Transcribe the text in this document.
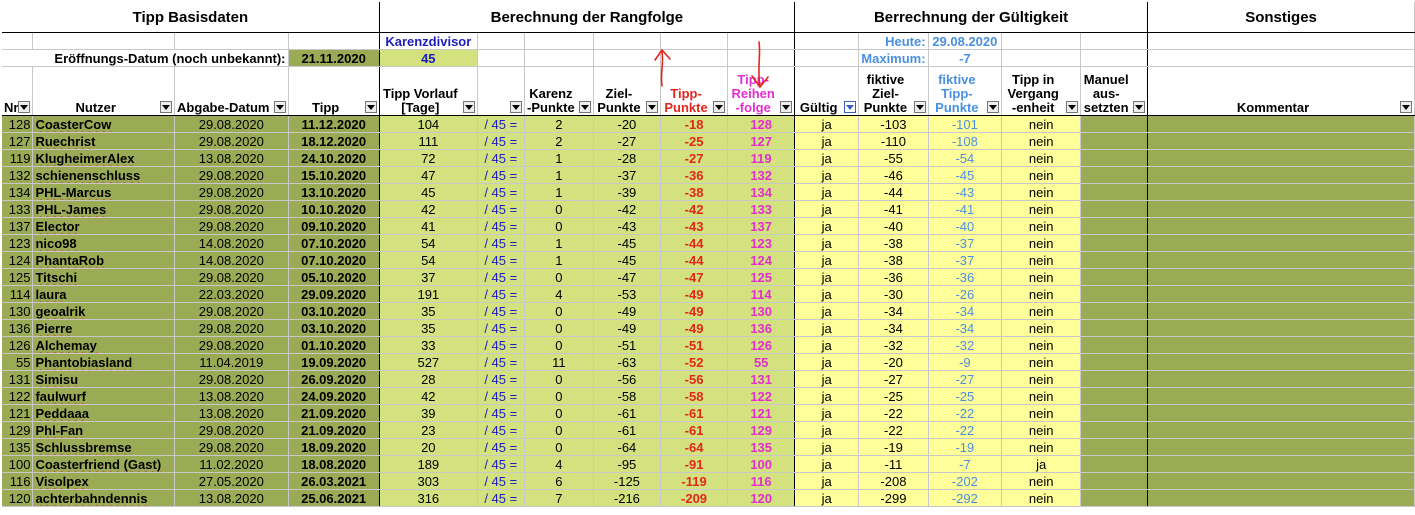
Tipp Basisdaten				Berechnung der Rangfolge						Berrechnung der Gültigkeit					Sonstiges
				Karenzdivisor							Heute:	29.08.2020			
Eröffnungs-Datum (noch unbekannt):			21.11.2020	45							Maximum:	-7			
Nr	Nutzer	Abgabe-Datum	Tipp	Tipp Vorlauf [Tage]		Karenz -Punkte	Ziel-Punkte	Tipp-Punkte	Tipp-Reihen -folge	Gültig	fiktive Ziel-Punkte	fiktive Tipp-Punkte	Tipp in Vergang -enheit	Manuel aus-setzten	Kommentar

128	CoasterCow	29.08.2020	11.12.2020	104	/ 45 =	2	-20	-18	128	ja	-103	-101	nein		
127	Ruechrist	29.08.2020	18.12.2020	111	/ 45 =	2	-27	-25	127	ja	-110	-108	nein		
119	KlugheimerAlex	13.08.2020	24.10.2020	72	/ 45 =	1	-28	-27	119	ja	-55	-54	nein		
132	schienenschluss	29.08.2020	15.10.2020	47	/ 45 =	1	-37	-36	132	ja	-46	-45	nein		
134	PHL-Marcus	29.08.2020	13.10.2020	45	/ 45 =	1	-39	-38	134	ja	-44	-43	nein		
133	PHL-James	29.08.2020	10.10.2020	42	/ 45 =	0	-42	-42	133	ja	-41	-41	nein		
137	Elector	29.08.2020	09.10.2020	41	/ 45 =	0	-43	-43	137	ja	-40	-40	nein		
123	nico98	14.08.2020	07.10.2020	54	/ 45 =	1	-45	-44	123	ja	-38	-37	nein		
124	PhantaRob	14.08.2020	07.10.2020	54	/ 45 =	1	-45	-44	124	ja	-38	-37	nein		
125	Titschi	29.08.2020	05.10.2020	37	/ 45 =	0	-47	-47	125	ja	-36	-36	nein		
114	laura	22.03.2020	29.09.2020	191	/ 45 =	4	-53	-49	114	ja	-30	-26	nein		
130	geoalrik	29.08.2020	03.10.2020	35	/ 45 =	0	-49	-49	130	ja	-34	-34	nein		
136	Pierre	29.08.2020	03.10.2020	35	/ 45 =	0	-49	-49	136	ja	-34	-34	nein		
126	Alchemay	29.08.2020	01.10.2020	33	/ 45 =	0	-51	-51	126	ja	-32	-32	nein		
55	Phantobiasland	11.04.2019	19.09.2020	527	/ 45 =	11	-63	-52	55	ja	-20	-9	nein		
131	Simisu	29.08.2020	26.09.2020	28	/ 45 =	0	-56	-56	131	ja	-27	-27	nein		
122	faulwurf	13.08.2020	24.09.2020	42	/ 45 =	0	-58	-58	122	ja	-25	-25	nein		
121	Peddaaa	13.08.2020	21.09.2020	39	/ 45 =	0	-61	-61	121	ja	-22	-22	nein		
129	Phl-Fan	29.08.2020	21.09.2020	23	/ 45 =	0	-61	-61	129	ja	-22	-22	nein		
135	Schlussbremse	29.08.2020	18.09.2020	20	/ 45 =	0	-64	-64	135	ja	-19	-19	nein		
100	Coasterfriend (Gast)	11.02.2020	18.08.2020	189	/ 45 =	4	-95	-91	100	ja	-11	-7	ja		
116	Visolpex	27.05.2020	26.03.2021	303	/ 45 =	6	-125	-119	116	ja	-208	-202	nein		
120	achterbahndennis	13.08.2020	25.06.2021	316	/ 45 =	7	-216	-209	120	ja	-299	-292	nein		
